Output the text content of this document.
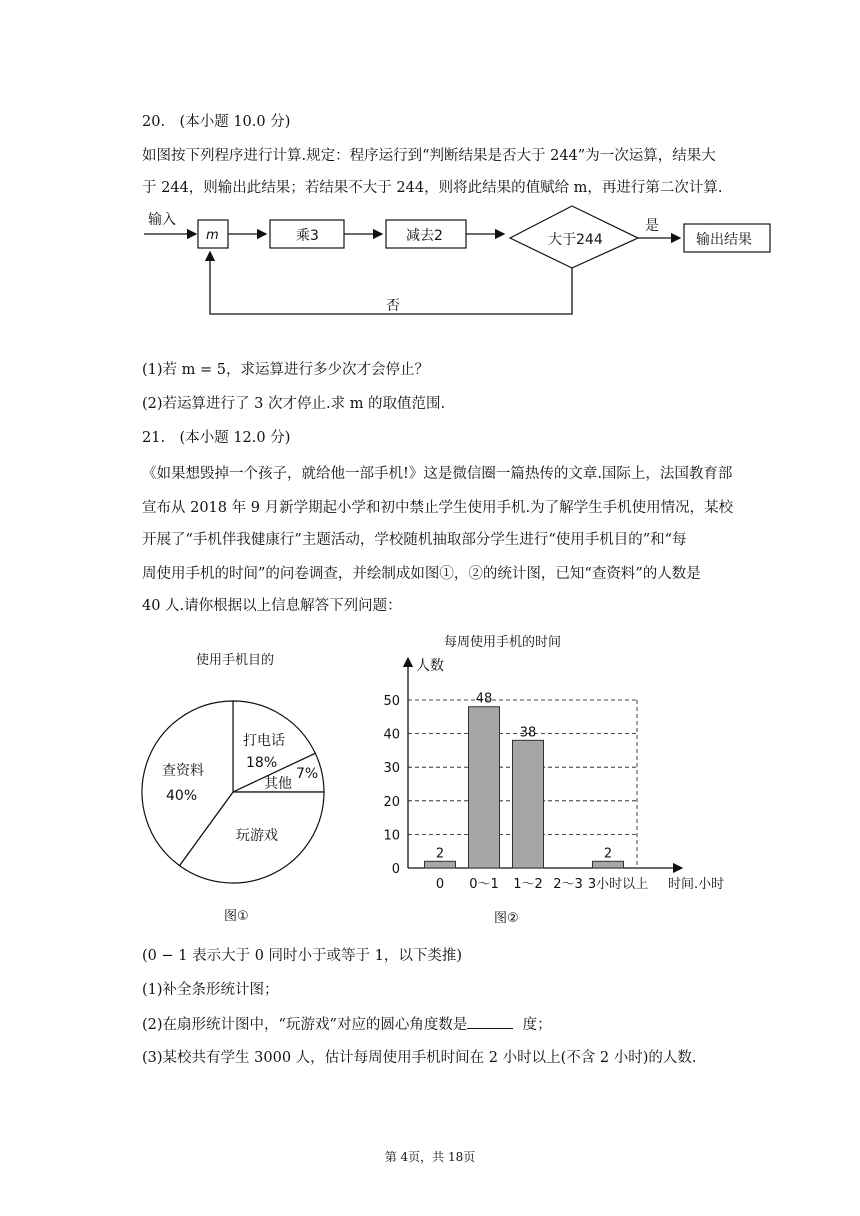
20.　(本小题 10.0 分)
如图按下列程序进行计算.规定：程序运行到“判断结果是否大于 244”为一次运算，结果大
于 244，则输出此结果；若结果不大于 244，则将此结果的值赋给 m，再进行第二次计算.
输入
m	乘3	减去2	大于244
是
输出结果
否
(1)若 m = 5，求运算进行多少次才会停止？
(2)若运算进行了 3 次才停止.求 m 的取值范围.
21.　(本小题 12.0 分)
《如果想毁掉一个孩子，就给他一部手机!》这是微信圈一篇热传的文章.国际上，法国教育部
宣布从 2018 年 9 月新学期起小学和初中禁止学生使用手机.为了解学生手机使用情况，某校
开展了“手机伴我健康行”主题活动，学校随机抽取部分学生进行“使用手机目的”和“每
周使用手机的时间”的问卷调查，并绘制成如图①，②的统计图，已知“查资料”的人数是
40 人.请你根据以上信息解答下列问题：
使用手机目的
打电话
18%
其他
7%
玩游戏
查资料
40%
图①
每周使用手机的时间
0
10
20
30
40
50
人数
时间.小时
2
0
48
0～1
38
1～2 2～3
2
3小时以上
图②
(0 − 1 表示大于 0 同时小于或等于 1，以下类推)
(1)补全条形统计图；
(2)在扇形统计图中，“玩游戏”对应的圆心角度数是	度；
(3)某校共有学生 3000 人，估计每周使用手机时间在 2 小时以上(不含 2 小时)的人数.
第 4页，共 18页
